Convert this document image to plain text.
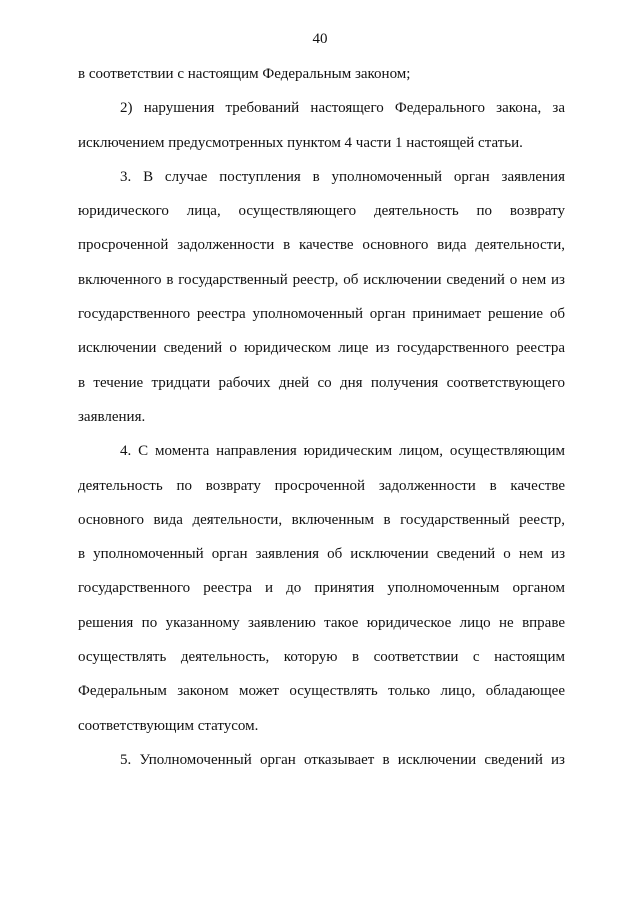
40
в соответствии с настоящим Федеральным законом;
2) нарушения требований настоящего Федерального закона, за
исключением предусмотренных пунктом 4 части 1 настоящей статьи.
3. В случае поступления в уполномоченный орган заявления
юридического лица, осуществляющего деятельность по возврату
просроченной задолженности в качестве основного вида деятельности,
включенного в государственный реестр, об исключении сведений о нем из
государственного реестра уполномоченный орган принимает решение об
исключении сведений о юридическом лице из государственного реестра
в течение тридцати рабочих дней со дня получения соответствующего
заявления.
4. С момента направления юридическим лицом, осуществляющим
деятельность по возврату просроченной задолженности в качестве
основного вида деятельности, включенным в государственный реестр,
в уполномоченный орган заявления об исключении сведений о нем из
государственного реестра и до принятия уполномоченным органом
решения по указанному заявлению такое юридическое лицо не вправе
осуществлять деятельность, которую в соответствии с настоящим
Федеральным законом может осуществлять только лицо, обладающее
соответствующим статусом.
5. Уполномоченный орган отказывает в исключении сведений из
